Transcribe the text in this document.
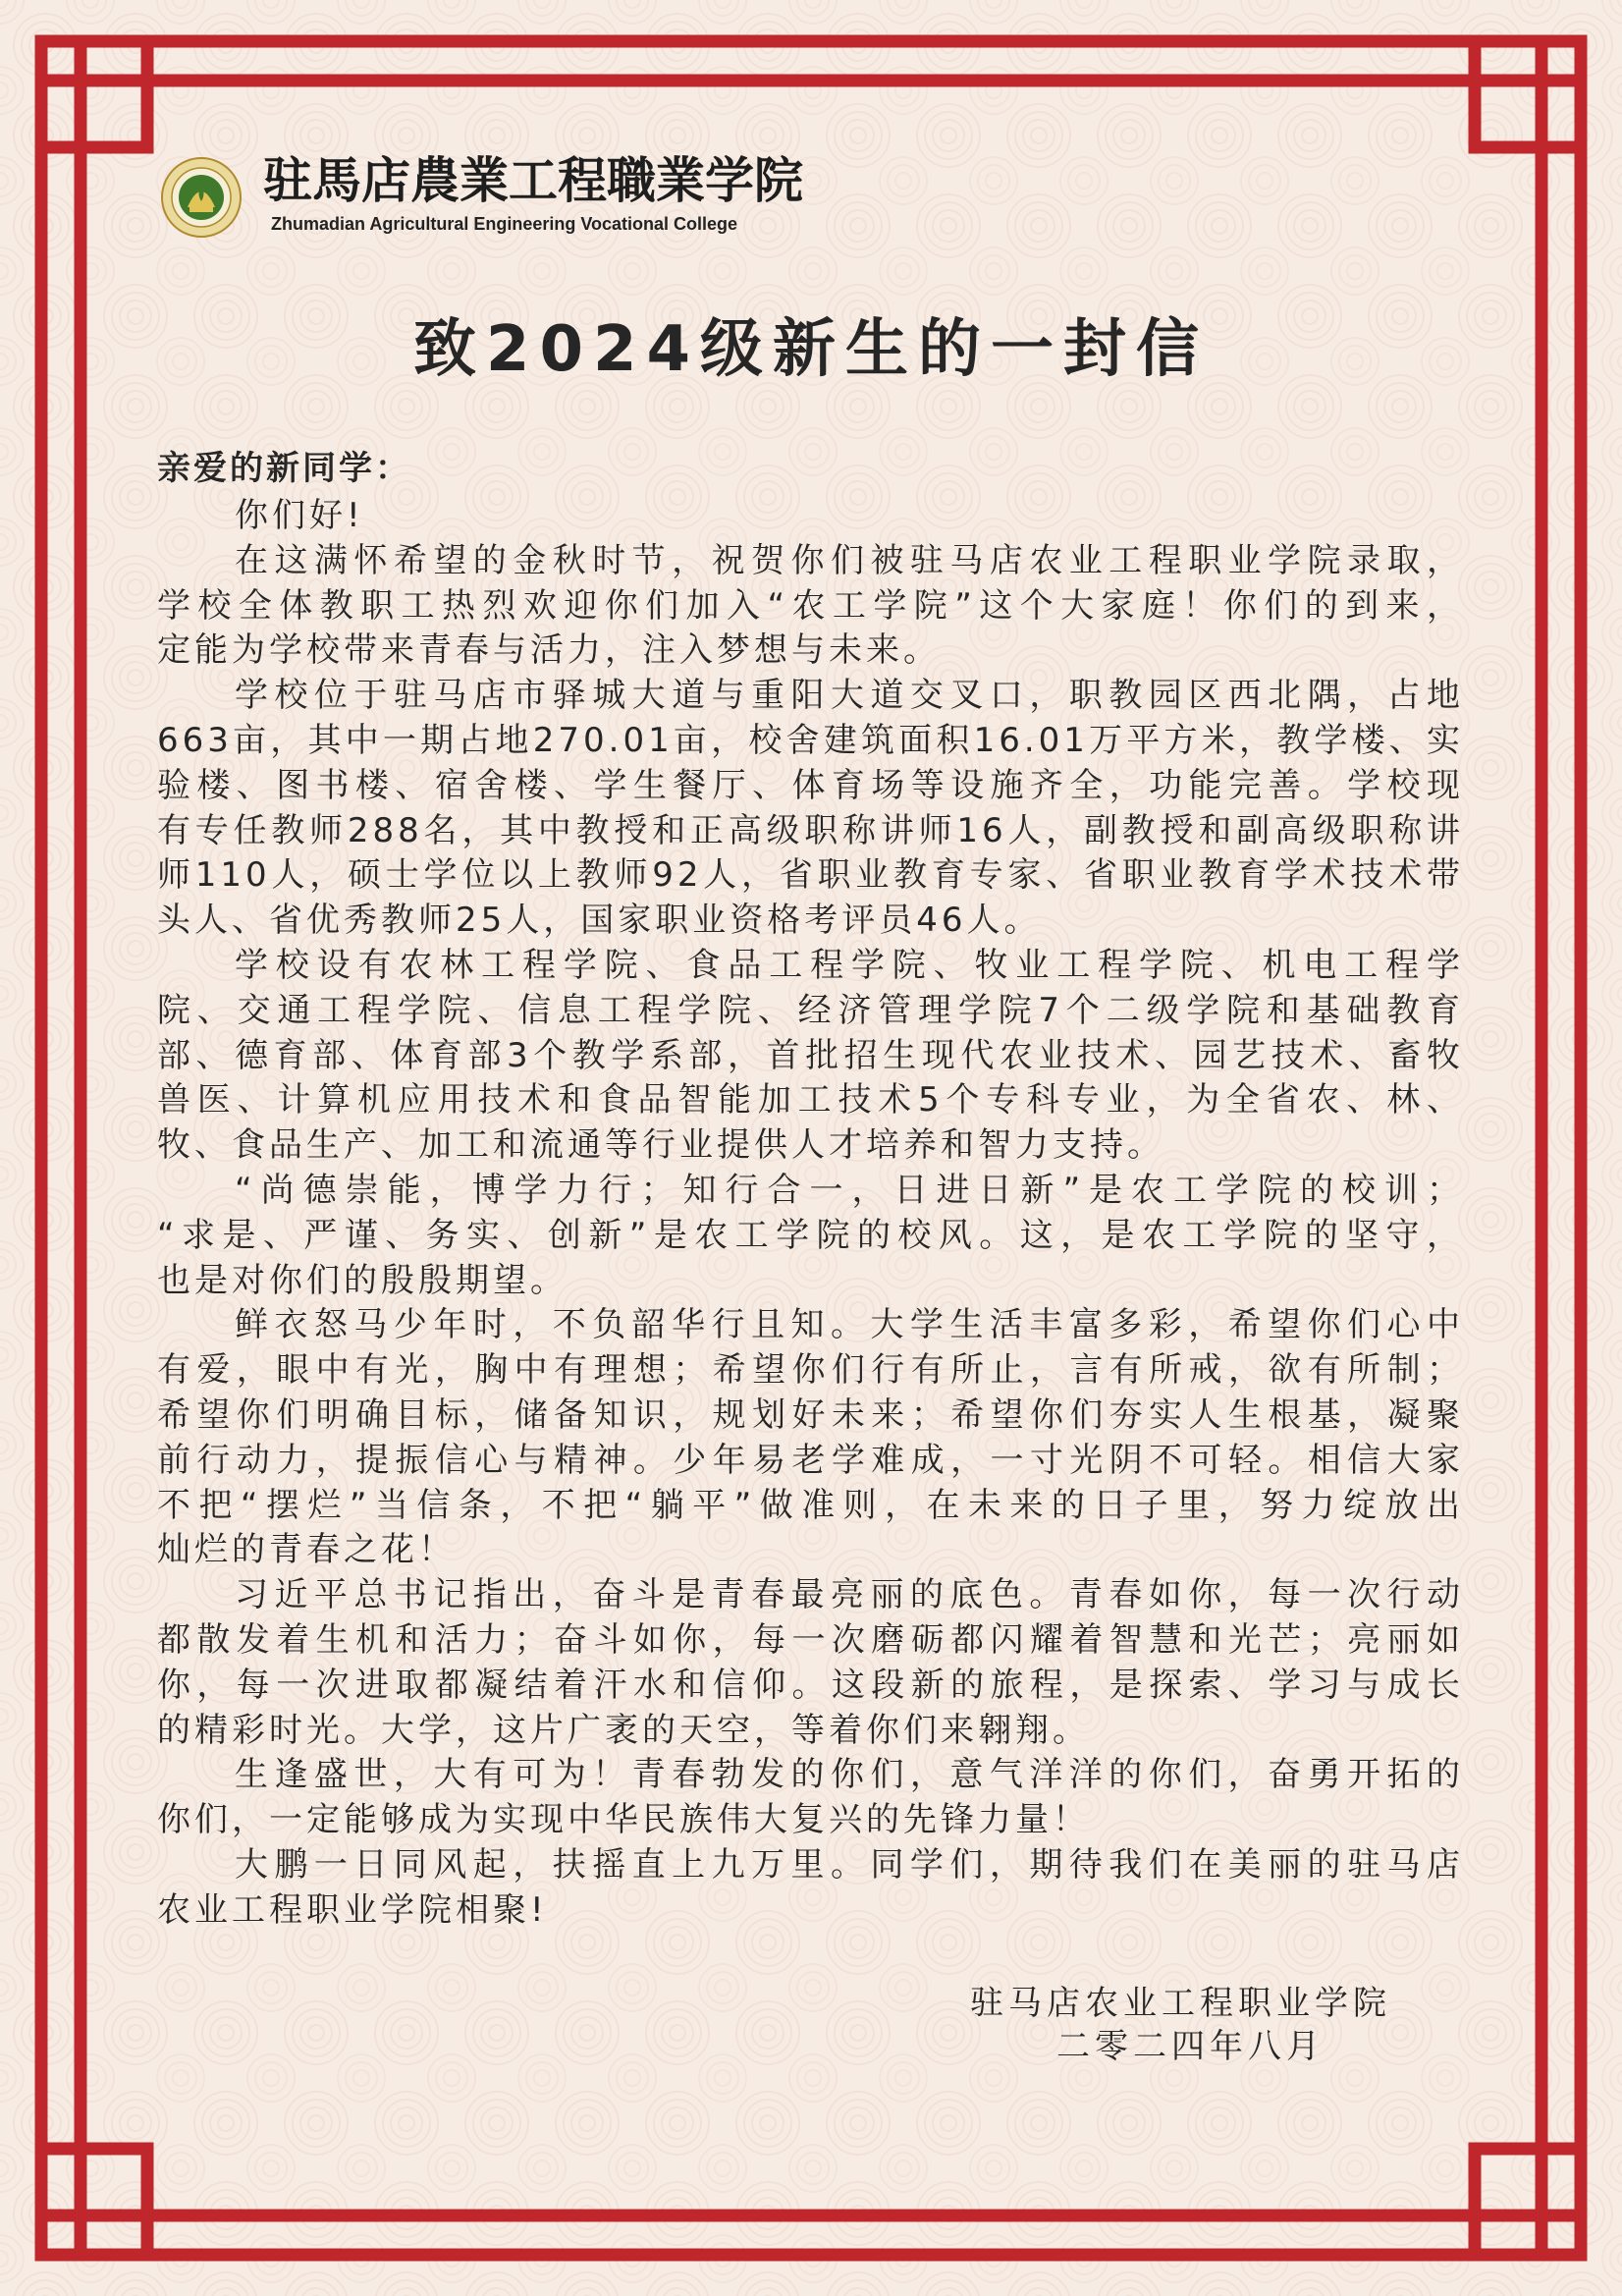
驻馬店農業工程職業学院
Zhumadian Agricultural Engineering Vocational College
致2024级新生的一封信
亲爱的新同学：
你们好!
在这满怀希望的金秋时节，祝贺你们被驻马店农业工程职业学院录取，
学校全体教职工热烈欢迎你们加入“农工学院”这个大家庭！你们的到来，
定能为学校带来青春与活力，注入梦想与未来。
学校位于驻马店市驿城大道与重阳大道交叉口，职教园区西北隅，占地
663亩，其中一期占地270.01亩，校舍建筑面积16.01万平方米，教学楼、实
验楼、图书楼、宿舍楼、学生餐厅、体育场等设施齐全，功能完善。学校现
有专任教师288名，其中教授和正高级职称讲师16人，副教授和副高级职称讲
师110人，硕士学位以上教师92人，省职业教育专家、省职业教育学术技术带
头人、省优秀教师25人，国家职业资格考评员46人。
学校设有农林工程学院、食品工程学院、牧业工程学院、机电工程学
院、交通工程学院、信息工程学院、经济管理学院7个二级学院和基础教育
部、德育部、体育部3个教学系部，首批招生现代农业技术、园艺技术、畜牧
兽医、计算机应用技术和食品智能加工技术5个专科专业，为全省农、林、
牧、食品生产、加工和流通等行业提供人才培养和智力支持。
“尚德崇能，博学力行；知行合一，日进日新”是农工学院的校训；
“求是、严谨、务实、创新”是农工学院的校风。这，是农工学院的坚守，
也是对你们的殷殷期望。
鲜衣怒马少年时，不负韶华行且知。大学生活丰富多彩，希望你们心中
有爱，眼中有光，胸中有理想；希望你们行有所止，言有所戒，欲有所制；
希望你们明确目标，储备知识，规划好未来；希望你们夯实人生根基，凝聚
前行动力，提振信心与精神。少年易老学难成，一寸光阴不可轻。相信大家
不把“摆烂”当信条，不把“躺平”做准则，在未来的日子里，努力绽放出
灿烂的青春之花！
习近平总书记指出，奋斗是青春最亮丽的底色。青春如你，每一次行动
都散发着生机和活力；奋斗如你，每一次磨砺都闪耀着智慧和光芒；亮丽如
你，每一次进取都凝结着汗水和信仰。这段新的旅程，是探索、学习与成长
的精彩时光。大学，这片广袤的天空，等着你们来翱翔。
生逢盛世，大有可为！青春勃发的你们，意气洋洋的你们，奋勇开拓的
你们，一定能够成为实现中华民族伟大复兴的先锋力量！
大鹏一日同风起，扶摇直上九万里。同学们，期待我们在美丽的驻马店
农业工程职业学院相聚!
驻马店农业工程职业学院
二零二四年八月
